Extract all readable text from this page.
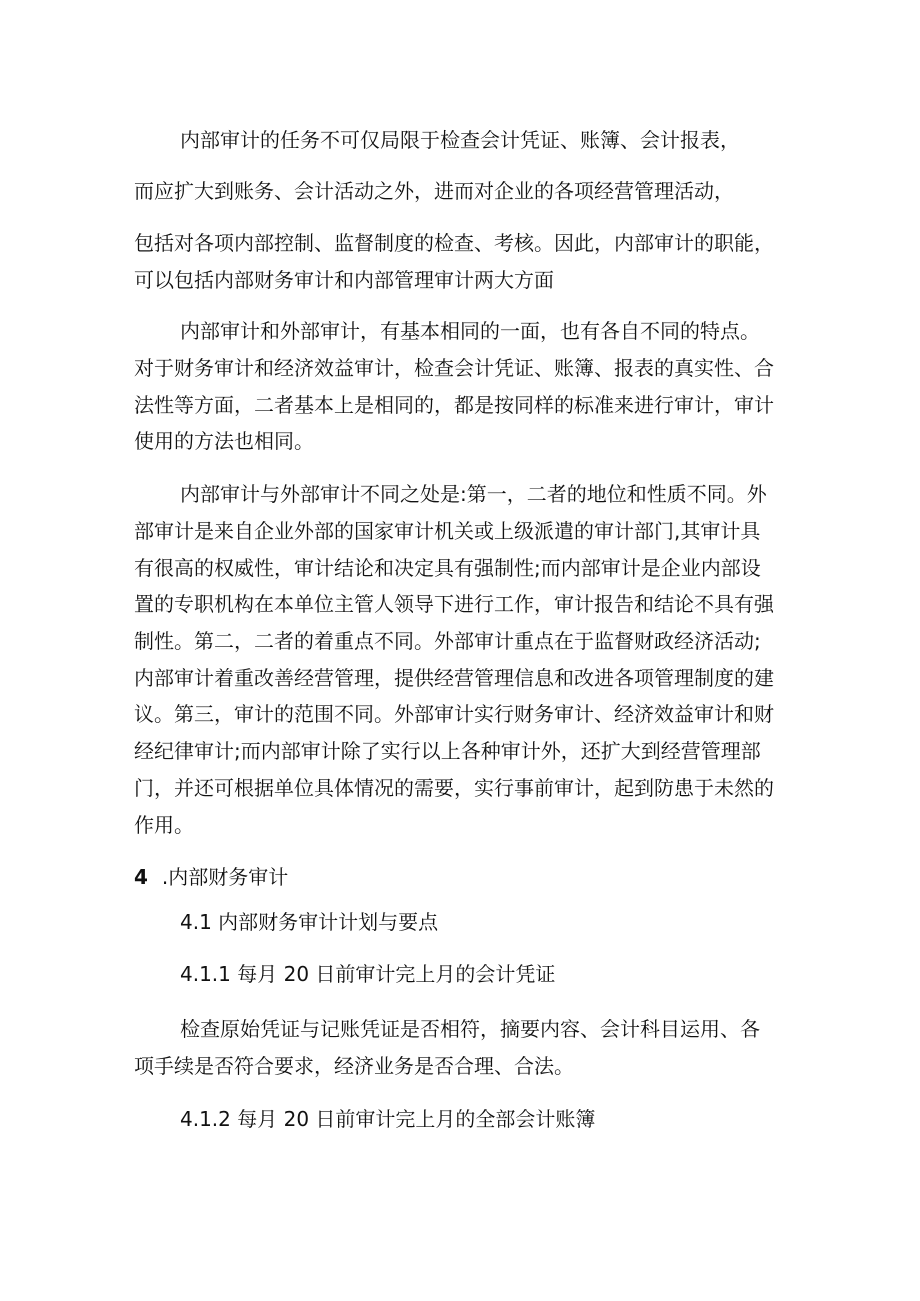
内部审计的任务不可仅局限于检查会计凭证、账簿、会计报表，

而应扩大到账务、会计活动之外，进而对企业的各项经营管理活动，

包括对各项内部控制、监督制度的检查、考核。因此，内部审计的职能，

可以包括内部财务审计和内部管理审计两大方面

内部审计和外部审计，有基本相同的一面，也有各自不同的特点。

对于财务审计和经济效益审计，检查会计凭证、账簿、报表的真实性、合

法性等方面，二者基本上是相同的，都是按同样的标准来进行审计，审计

使用的方法也相同。

内部审计与外部审计不同之处是:第一，二者的地位和性质不同。外

部审计是来自企业外部的国家审计机关或上级派遣的审计部门,其审计具

有很高的权威性，审计结论和决定具有强制性;而内部审计是企业内部设

置的专职机构在本单位主管人领导下进行工作，审计报告和结论不具有强

制性。第二，二者的着重点不同。外部审计重点在于监督财政经济活动;

内部审计着重改善经营管理，提供经营管理信息和改进各项管理制度的建

议。第三，审计的范围不同。外部审计实行财务审计、经济效益审计和财

经纪律审计;而内部审计除了实行以上各种审计外，还扩大到经营管理部

门，并还可根据单位具体情况的需要，实行事前审计，起到防患于未然的

作用。

4 .内部财务审计

4.1 内部财务审计计划与要点

4.1.1 每月 20 日前审计完上月的会计凭证

检查原始凭证与记账凭证是否相符，摘要内容、会计科目运用、各

项手续是否符合要求，经济业务是否合理、合法。

4.1.2 每月 20 日前审计完上月的全部会计账簿
